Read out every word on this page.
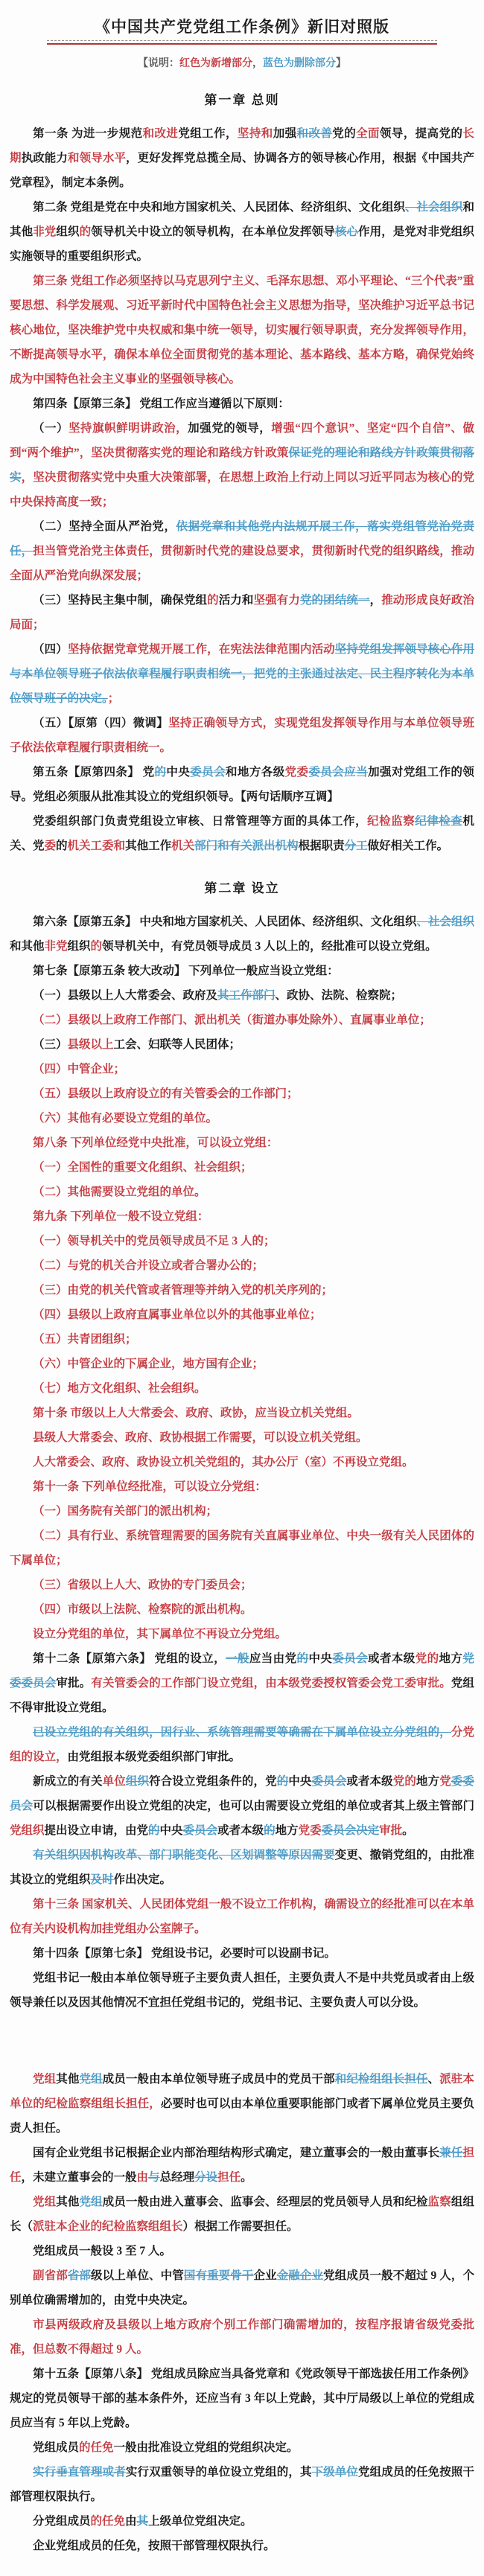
《中国共产党党组工作条例》新旧对照版
【说明：红色为新增部分，蓝色为删除部分】
第一章 总则

第一条 为进一步规范和改进党组工作，坚持和加强和改善党的全面领导，提高党的长期执政能力和领导水平，更好发挥党总揽全局、协调各方的领导核心作用，根据《中国共产党章程》，制定本条例。

第二条 党组是党在中央和地方国家机关、人民团体、经济组织、文化组织、社会组织和其他非党组织的领导机关中设立的领导机构，在本单位发挥领导核心作用，是党对非党组织实施领导的重要组织形式。

第三条 党组工作必须坚持以马克思列宁主义、毛泽东思想、邓小平理论、“三个代表”重要思想、科学发展观、习近平新时代中国特色社会主义思想为指导，坚决维护习近平总书记核心地位，坚决维护党中央权威和集中统一领导，切实履行领导职责，充分发挥领导作用，不断提高领导水平，确保本单位全面贯彻党的基本理论、基本路线、基本方略，确保党始终成为中国特色社会主义事业的坚强领导核心。

第四条【原第三条】 党组工作应当遵循以下原则：

（一）坚持旗帜鲜明讲政治，加强党的领导，增强“四个意识”、坚定“四个自信”、做到“两个维护”，坚决贯彻落实党的理论和路线方针政策保证党的理论和路线方针政策贯彻落实，坚决贯彻落实党中央重大决策部署，在思想上政治上行动上同以习近平同志为核心的党中央保持高度一致；

（二）坚持全面从严治党，依据党章和其他党内法规开展工作，落实党组管党治党责任，担当管党治党主体责任，贯彻新时代党的建设总要求，贯彻新时代党的组织路线，推动全面从严治党向纵深发展；

（三）坚持民主集中制，确保党组的活力和坚强有力党的团结统一，推动形成良好政治局面；

（四）坚持依据党章党规开展工作，在宪法法律范围内活动坚持党组发挥领导核心作用与本单位领导班子依法依章程履行职责相统一，把党的主张通过法定、民主程序转化为本单位领导班子的决定。；

（五）【原第（四）微调】坚持正确领导方式，实现党组发挥领导作用与本单位领导班子依法依章程履行职责相统一。

第五条【原第四条】 党的中央委员会和地方各级党委委员会应当加强对党组工作的领导。党组必须服从批准其设立的党组织领导。【两句话顺序互调】

党委组织部门负责党组设立审核、日常管理等方面的具体工作，纪检监察纪律检查机关、党委的机关工委和其他工作机关部门和有关派出机构根据职责分工做好相关工作。

第二章 设立

第六条【原第五条】 中央和地方国家机关、人民团体、经济组织、文化组织、社会组织和其他非党组织的领导机关中，有党员领导成员 3 人以上的，经批准可以设立党组。

第七条【原第五条 较大改动】 下列单位一般应当设立党组：

（一）县级以上人大常委会、政府及其工作部门、政协、法院、检察院；

（二）县级以上政府工作部门、派出机关（街道办事处除外）、直属事业单位；

（三）县级以上工会、妇联等人民团体；

（四）中管企业；

（五）县级以上政府设立的有关管委会的工作部门；

（六）其他有必要设立党组的单位。

第八条 下列单位经党中央批准，可以设立党组：

（一）全国性的重要文化组织、社会组织；

（二）其他需要设立党组的单位。

第九条 下列单位一般不设立党组：

（一）领导机关中的党员领导成员不足 3 人的；

（二）与党的机关合并设立或者合署办公的；

（三）由党的机关代管或者管理等并纳入党的机关序列的；

（四）县级以上政府直属事业单位以外的其他事业单位；

（五）共青团组织；

（六）中管企业的下属企业，地方国有企业；

（七）地方文化组织、社会组织。

第十条 市级以上人大常委会、政府、政协，应当设立机关党组。

县级人大常委会、政府、政协根据工作需要，可以设立机关党组。

人大常委会、政府、政协设立机关党组的，其办公厅（室）不再设立党组。

第十一条 下列单位经批准，可以设立分党组：

（一）国务院有关部门的派出机构；

（二）具有行业、系统管理需要的国务院有关直属事业单位、中央一级有关人民团体的下属单位；

（三）省级以上人大、政协的专门委员会；

（四）市级以上法院、检察院的派出机构。

设立分党组的单位，其下属单位不再设立分党组。

第十二条【原第六条】 党组的设立，一般应当由党的中央委员会或者本级党的地方党委委员会审批。有关管委会的工作部门设立党组，由本级党委授权管委会党工委审批。党组不得审批设立党组。

已设立党组的有关组织，因行业、系统管理需要等确需在下属单位设立分党组的，分党组的设立，由党组报本级党委组织部门审批。

新成立的有关单位组织符合设立党组条件的，党的中央委员会或者本级党的地方党委委员会可以根据需要作出设立党组的决定，也可以由需要设立党组的单位或者其上级主管部门党组织提出设立申请，由党的中央委员会或者本级的地方党委委员会决定审批。

有关组织因机构改革、部门职能变化、区划调整等原因需要变更、撤销党组的，由批准其设立的党组织及时作出决定。

第十三条 国家机关、人民团体党组一般不设立工作机构，确需设立的经批准可以在本单位有关内设机构加挂党组办公室牌子。

第十四条【原第七条】 党组设书记，必要时可以设副书记。

党组书记一般由本单位领导班子主要负责人担任，主要负责人不是中共党员或者由上级领导兼任以及因其他情况不宜担任党组书记的，党组书记、主要负责人可以分设。

党组其他党组成员一般由本单位领导班子成员中的党员干部和纪检组组长担任、派驻本单位的纪检监察组组长担任，必要时也可以由本单位重要职能部门或者下属单位党员主要负责人担任。

国有企业党组书记根据企业内部治理结构形式确定，建立董事会的一般由董事长兼任担任，未建立董事会的一般由与总经理分设担任。

党组其他党组成员一般由进入董事会、监事会、经理层的党员领导人员和纪检监察组组长（派驻本企业的纪检监察组组长）根据工作需要担任。

党组成员一般设 3 至 7 人。

副省部省部级以上单位、中管国有重要骨干企业金融企业党组成员一般不超过 9 人，个别单位确需增加的，由党中央决定。

市县两级政府及县级以上地方政府个别工作部门确需增加的，按程序报请省级党委批准，但总数不得超过 9 人。

第十五条【原第八条】 党组成员除应当具备党章和《党政领导干部选拔任用工作条例》规定的党员领导干部的基本条件外，还应当有 3 年以上党龄，其中厅局级以上单位的党组成员应当有 5 年以上党龄。

党组成员的任免一般由批准设立党组的党组织决定。

实行垂直管理或者实行双重领导的单位设立党组的，其下级单位党组成员的任免按照干部管理权限执行。

分党组成员的任免由其上级单位党组决定。

企业党组成员的任免，按照干部管理权限执行。
